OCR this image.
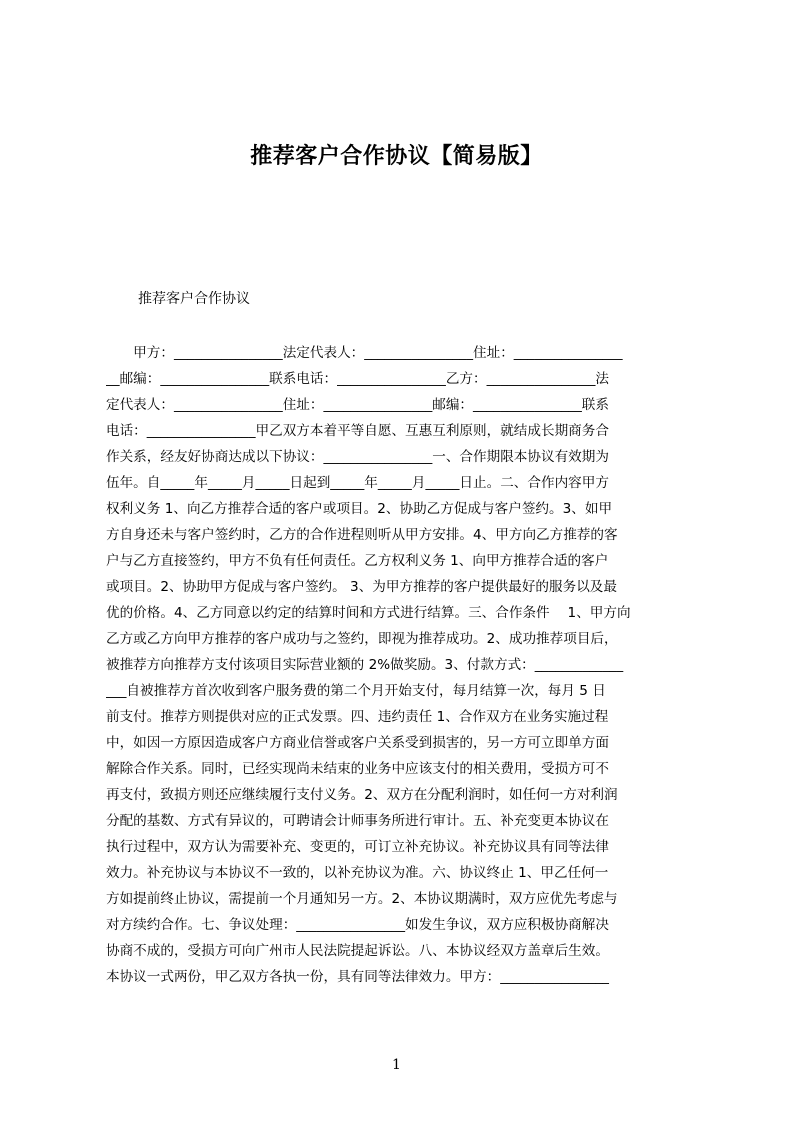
推荐客户合作协议【简易版】
推荐客户合作协议
　　甲方：________________法定代表人：________________住址：________________
__邮编：________________联系电话：________________乙方：________________法
定代表人：________________住址：________________邮编：________________联系
电话：________________甲乙双方本着平等自愿、互惠互利原则，就结成长期商务合
作关系，经友好协商达成以下协议：________________一、合作期限本协议有效期为
伍年。自_____年_____月_____日起到_____年_____月_____日止。二、合作内容甲方
权利义务 1、向乙方推荐合适的客户或项目。2、协助乙方促成与客户签约。3、如甲
方自身还未与客户签约时，乙方的合作进程则听从甲方安排。4、甲方向乙方推荐的客
户与乙方直接签约，甲方不负有任何责任。乙方权利义务 1、向甲方推荐合适的客户
或项目。2、协助甲方促成与客户签约。 3、为甲方推荐的客户提供最好的服务以及最
优的价格。4、乙方同意以约定的结算时间和方式进行结算。三、合作条件　 1、甲方向
乙方或乙方向甲方推荐的客户成功与之签约，即视为推荐成功。2、成功推荐项目后，
被推荐方向推荐方支付该项目实际营业额的 2%做奖励。3、付款方式：_____________
___自被推荐方首次收到客户服务费的第二个月开始支付，每月结算一次，每月 5 日
前支付。推荐方则提供对应的正式发票。四、违约责任 1、合作双方在业务实施过程
中，如因一方原因造成客户方商业信誉或客户关系受到损害的，另一方可立即单方面
解除合作关系。同时，已经实现尚未结束的业务中应该支付的相关费用，受损方可不
再支付，致损方则还应继续履行支付义务。2、双方在分配利润时，如任何一方对利润
分配的基数、方式有异议的，可聘请会计师事务所进行审计。五、补充变更本协议在
执行过程中，双方认为需要补充、变更的，可订立补充协议。补充协议具有同等法律
效力。补充协议与本协议不一致的，以补充协议为准。六、协议终止 1、甲乙任何一
方如提前终止协议，需提前一个月通知另一方。2、本协议期满时，双方应优先考虑与
对方续约合作。七、争议处理：________________如发生争议，双方应积极协商解决
协商不成的，受损方可向广州市人民法院提起诉讼。八、本协议经双方盖章后生效。
本协议一式两份，甲乙双方各执一份，具有同等法律效力。甲方：________________
1
